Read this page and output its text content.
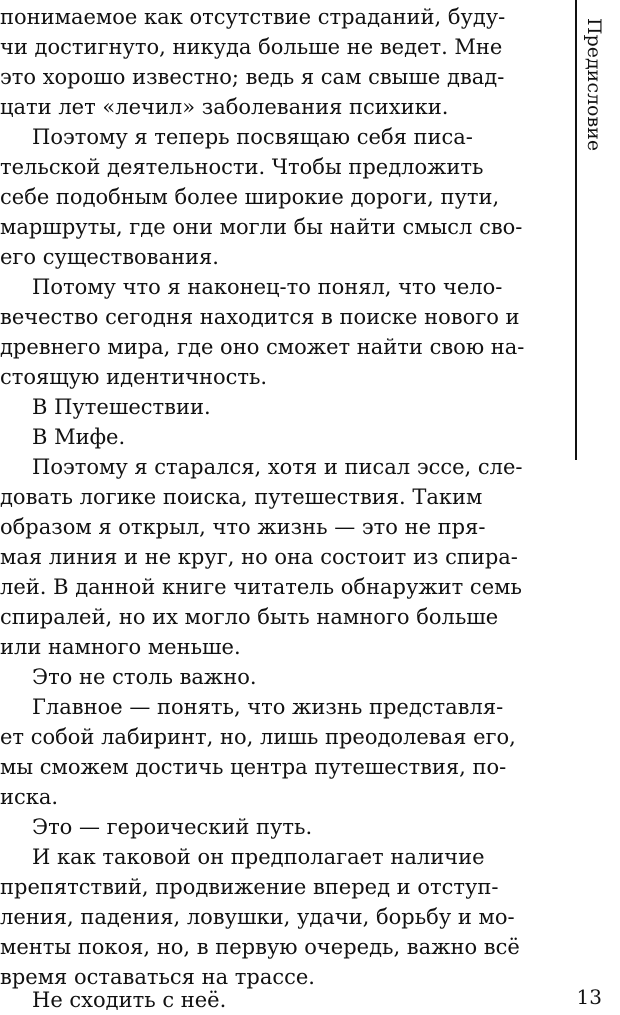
понимаемое как отсутствие страданий, буду-
чи достигнуто, никуда больше не ведет. Мне
это хорошо известно; ведь я сам свыше двад-
цати лет «лечил» заболевания психики.
Поэтому я теперь посвящаю себя писа-
тельской деятельности. Чтобы предложить
себе подобным более широкие дороги, пути,
маршруты, где они могли бы найти смысл сво-
его существования.
Потому что я наконец-то понял, что чело-
вечество сегодня находится в поиске нового и
древнего мира, где оно сможет найти свою на-
стоящую идентичность.
В Путешествии.
В Мифе.
Поэтому я старался, хотя и писал эссе, сле-
довать логике поиска, путешествия. Таким
образом я открыл, что жизнь — это не пря-
мая линия и не круг, но она состоит из спира-
лей. В данной книге читатель обнаружит семь
спиралей, но их могло быть намного больше
или намного меньше.
Это не столь важно.
Главное — понять, что жизнь представля-
ет собой лабиринт, но, лишь преодолевая его,
мы сможем достичь центра путешествия, по-
иска.
Это — героический путь.
И как таковой он предполагает наличие
препятствий, продвижение вперед и отступ-
ления, падения, ловушки, удачи, борьбу и мо-
менты покоя, но, в первую очередь, важно всё
время оставаться на трассе.
Не сходить с неё.
Предисловие
13
